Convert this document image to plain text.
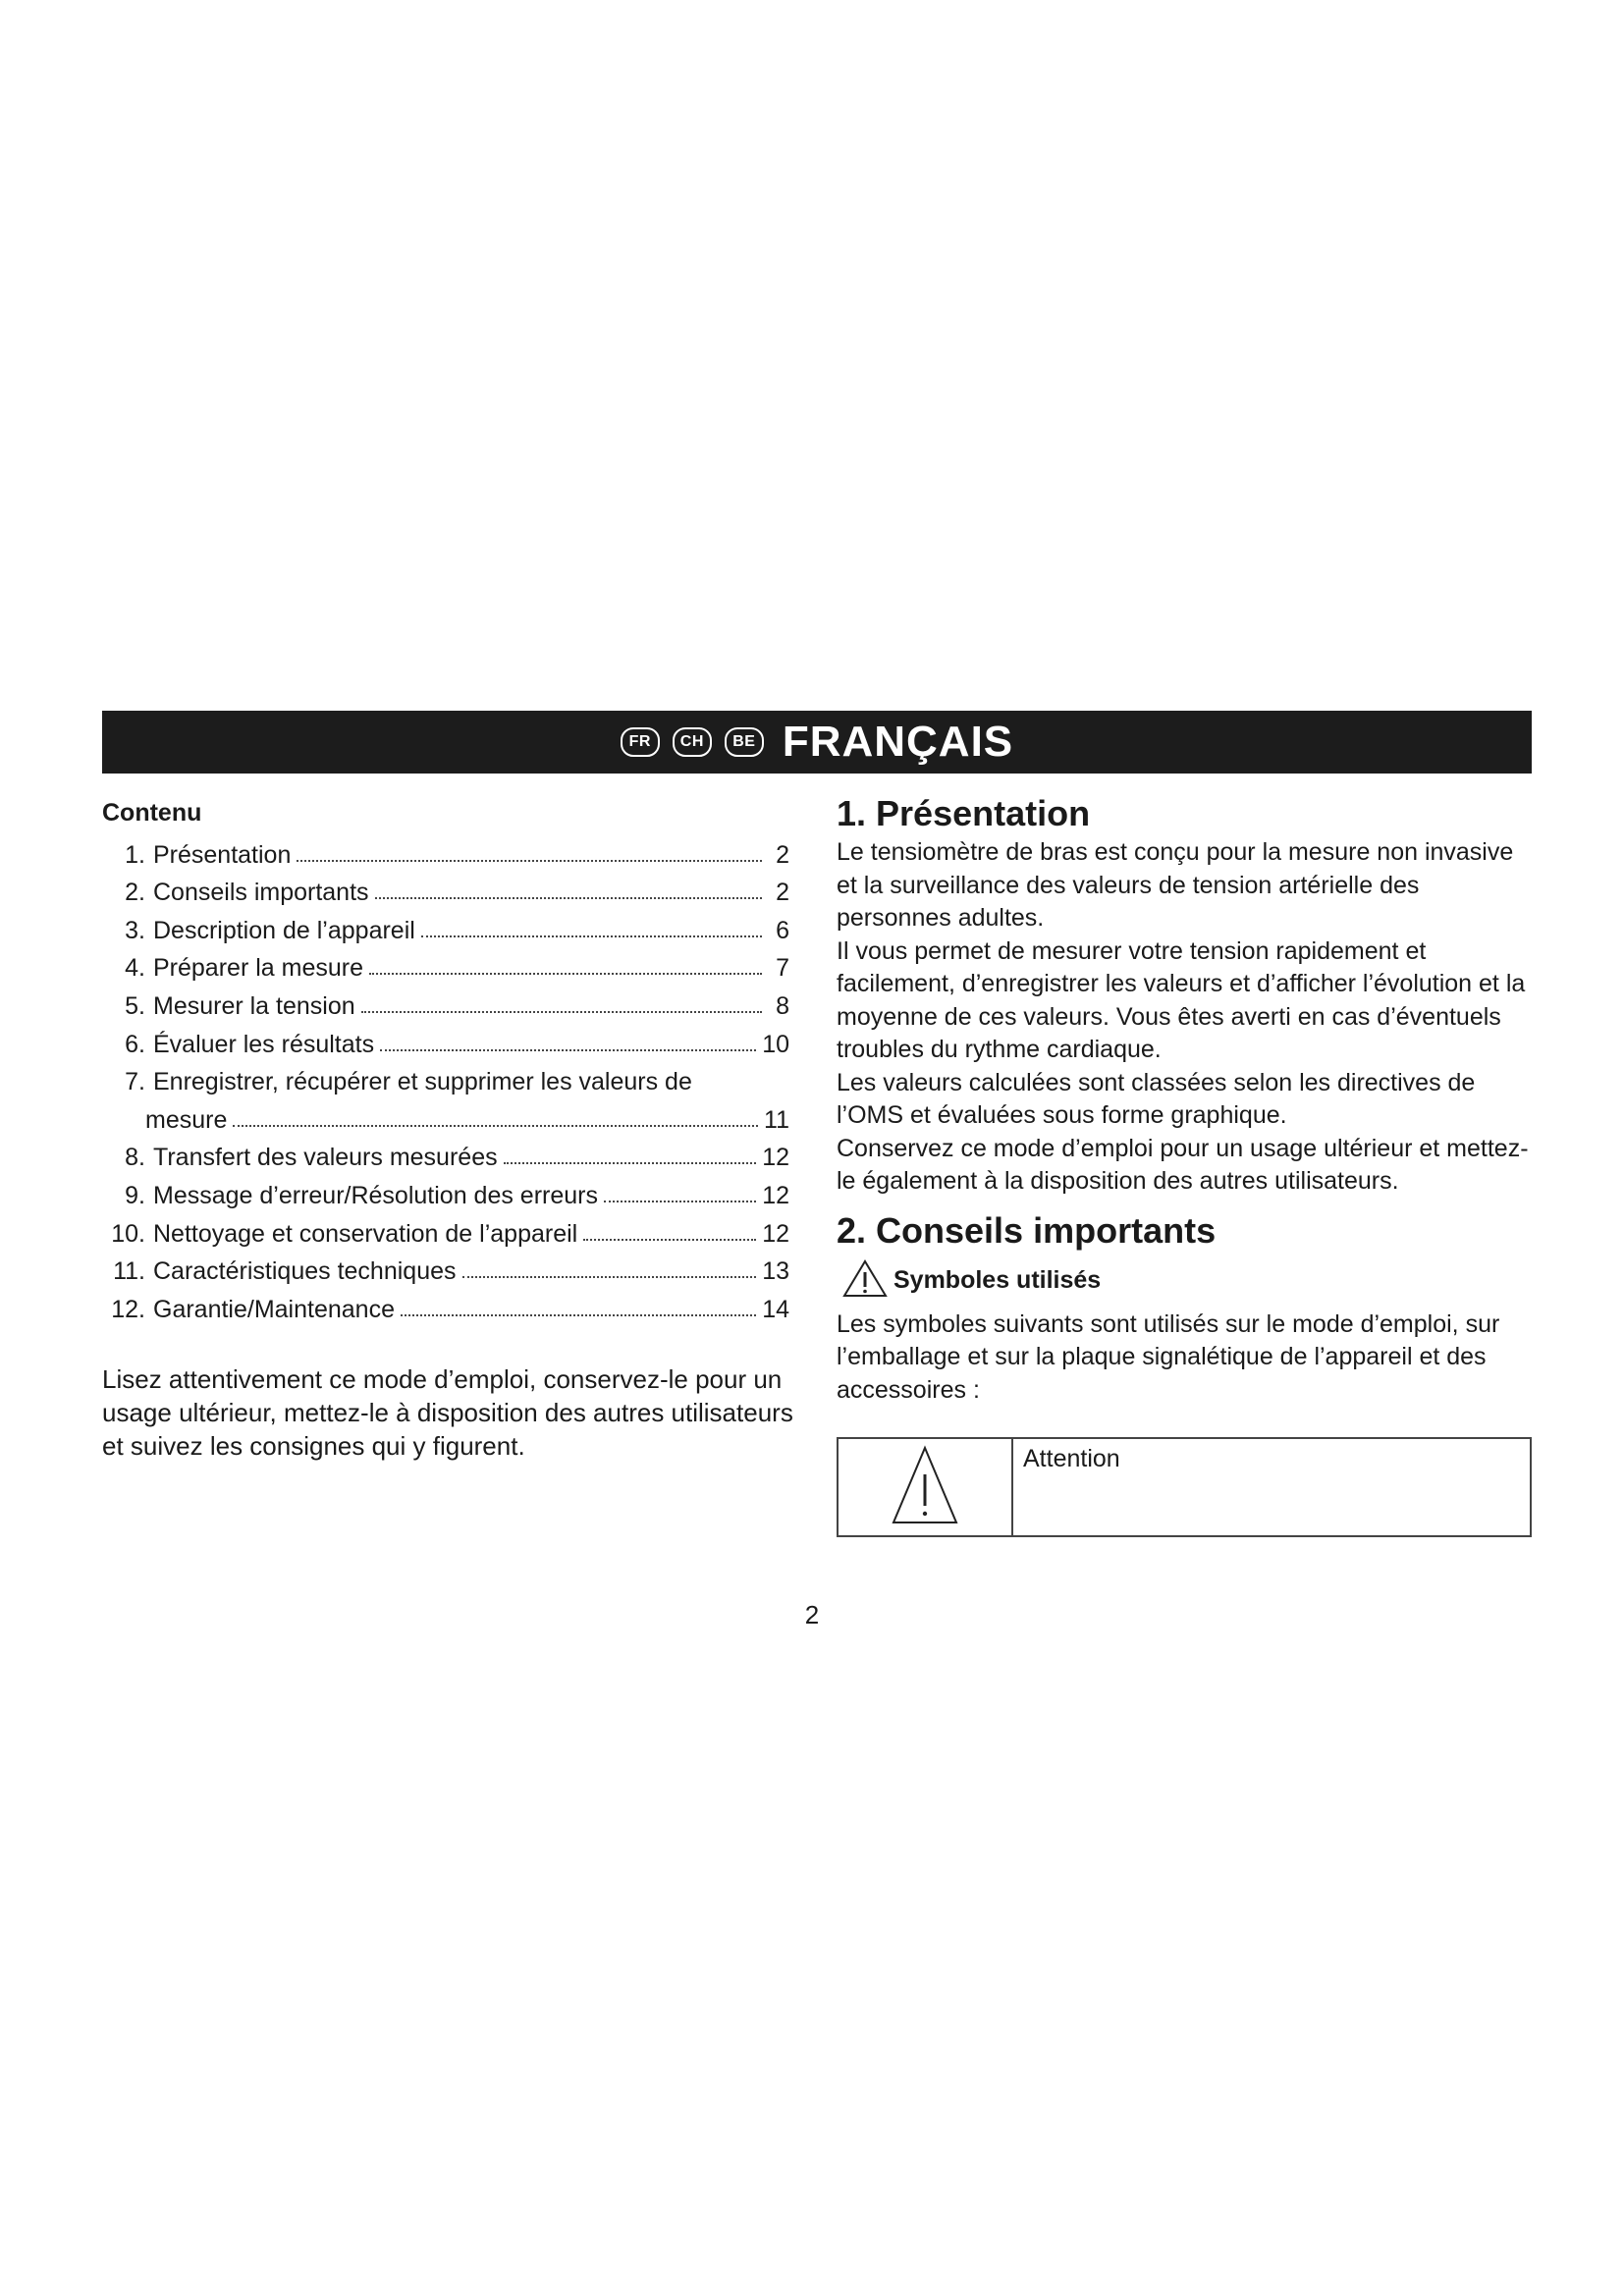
FR	CH	BE FRANÇAIS
Contenu
1. Présentation	2
2. Conseils importants	2
3. Description de l’appareil	6
4. Préparer la mesure	7
5. Mesurer la tension	8
6. Évaluer les résultats	10
7. Enregistrer, récupérer et supprimer les valeurs de
mesure	11
8. Transfert des valeurs mesurées	12
9. Message d’erreur/Résolution des erreurs	12
10. Nettoyage et conservation de l’appareil	12
11. Caractéristiques techniques	13
12. Garantie/Maintenance	14

Lisez attentivement ce mode d’emploi, conservez-le pour un usage ultérieur, mettez-le à disposition des autres utilisateurs et suivez les consignes qui y figurent.

1. Présentation

Le tensiomètre de bras est conçu pour la mesure non invasive et la surveillance des valeurs de tension artérielle des personnes adultes.

Il vous permet de mesurer votre tension rapidement et facilement, d’enregistrer les valeurs et d’afficher l’évolution et la moyenne de ces valeurs. Vous êtes averti en cas d’éventuels troubles du rythme cardiaque.

Les valeurs calculées sont classées selon les directives de l’OMS et évaluées sous forme graphique.

Conservez ce mode d’emploi pour un usage ultérieur et mettez-le également à la disposition des autres utilisateurs.

2. Conseils importants
Symboles utilisés

Les symboles suivants sont utilisés sur le mode d’emploi, sur l’emballage et sur la plaque signalétique de l’appareil et des accessoires :

Attention
2
